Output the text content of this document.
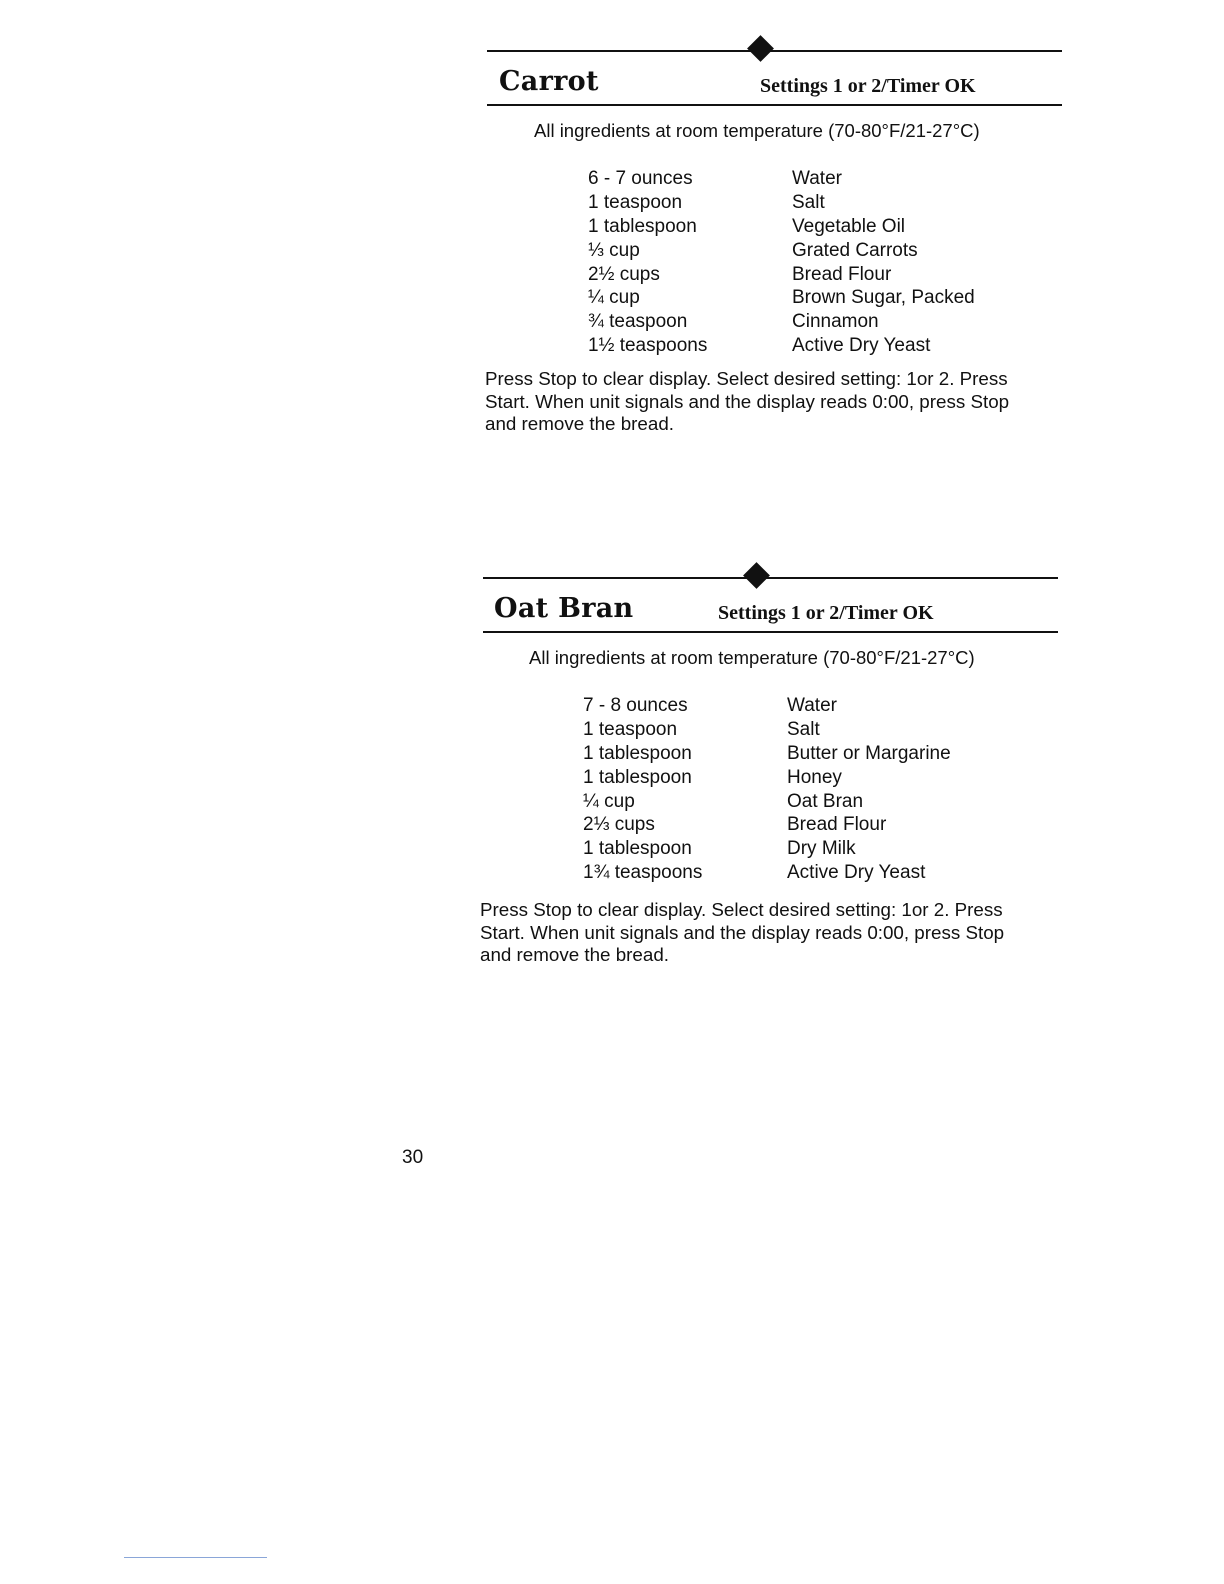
Carrot	Settings 1 or 2/Timer OK
All ingredients at room temperature (70-80°F/21-27°C)
6 - 7 ounces	Water
1 teaspoon	Salt
1 tablespoon	Vegetable Oil
⅓ cup	Grated Carrots
2½ cups	Bread Flour
¼ cup	Brown Sugar, Packed
¾ teaspoon	Cinnamon
1½ teaspoons	Active Dry Yeast
Press Stop to clear display. Select desired setting: 1or 2. Press Start. When unit signals and the display reads 0:00, press Stop and remove the bread.
Oat Bran	Settings 1 or 2/Timer OK
All ingredients at room temperature (70-80°F/21-27°C)
7 - 8 ounces	Water
1 teaspoon	Salt
1 tablespoon	Butter or Margarine
1 tablespoon	Honey
¼ cup	Oat Bran
2⅓ cups	Bread Flour
1 tablespoon	Dry Milk
1¾ teaspoons	Active Dry Yeast
Press Stop to clear display. Select desired setting: 1or 2. Press Start. When unit signals and the display reads 0:00, press Stop and remove the bread.
30
